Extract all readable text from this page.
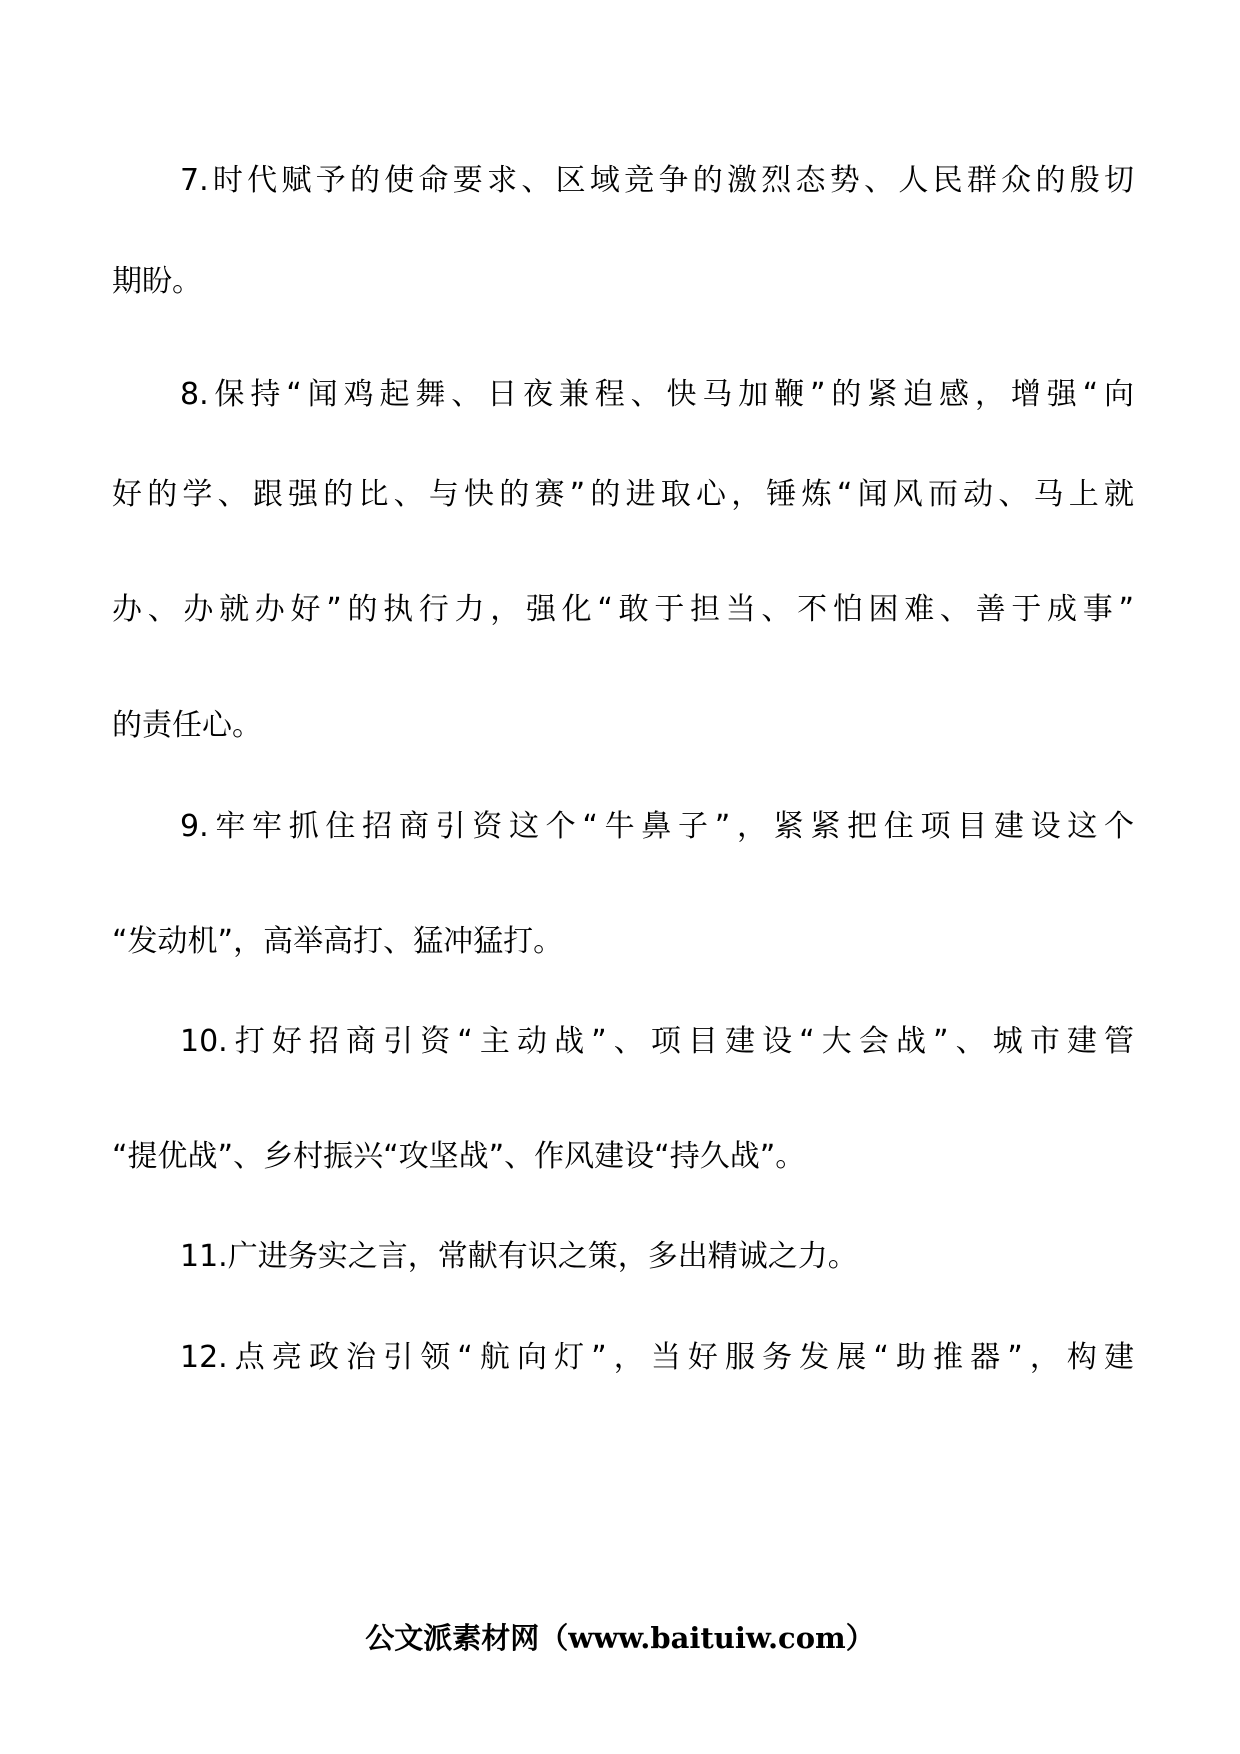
7.时代赋予的使命要求、区域竞争的激烈态势、人民群众的殷切
期盼。
8.保持“闻鸡起舞、日夜兼程、快马加鞭”的紧迫感，增强“向
好的学、跟强的比、与快的赛”的进取心，锤炼“闻风而动、马上就
办、办就办好”的执行力，强化“敢于担当、不怕困难、善于成事”
的责任心。
9.牢牢抓住招商引资这个“牛鼻子”，紧紧把住项目建设这个
“发动机”，高举高打、猛冲猛打。
10.打好招商引资“主动战”、项目建设“大会战”、城市建管
“提优战”、乡村振兴“攻坚战”、作风建设“持久战”。
11.广进务实之言，常献有识之策，多出精诚之力。
12.点亮政治引领“航向灯”，当好服务发展“助推器”，构建
公文派素材网（www.baituiw.com）
